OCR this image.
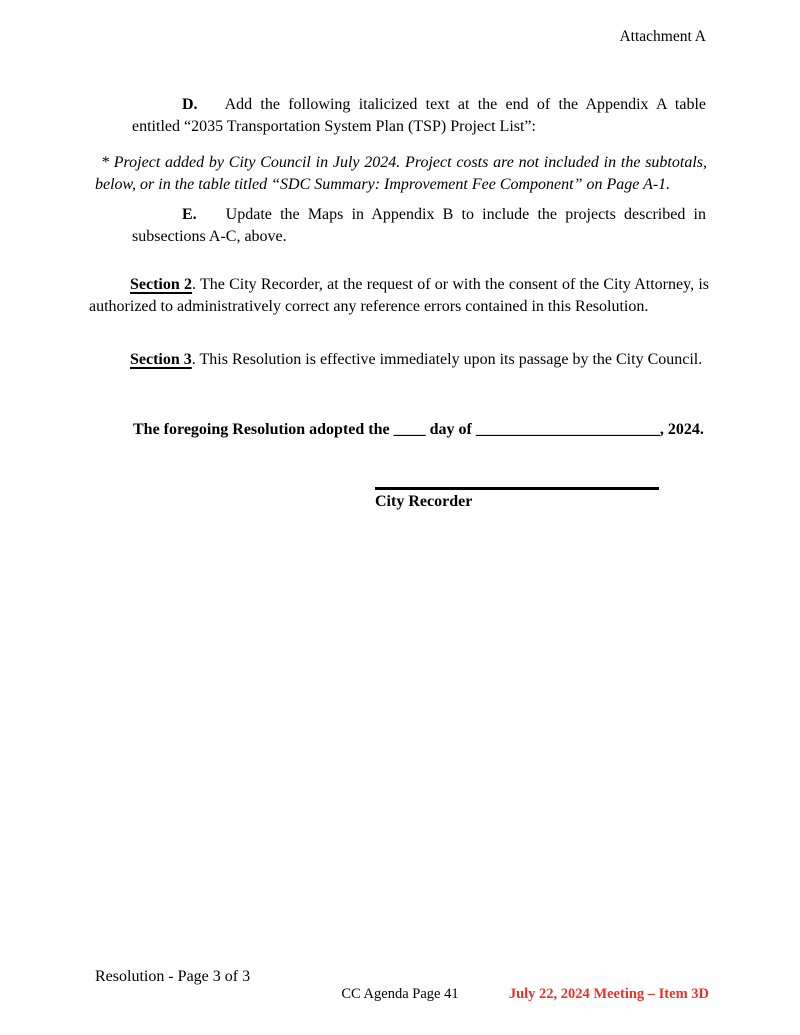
Attachment A

D. Add the following italicized text at the end of the Appendix A table entitled “2035 Transportation System Plan (TSP) Project List”:

* Project added by City Council in July 2024. Project costs are not included in the subtotals, below, or in the table titled “SDC Summary: Improvement Fee Component” on Page A-1.

E. Update the Maps in Appendix B to include the projects described in subsections A-C, above.

Section 2. The City Recorder, at the request of or with the consent of the City Attorney, is authorized to administratively correct any reference errors contained in this Resolution.

Section 3. This Resolution is effective immediately upon its passage by the City Council.

The foregoing Resolution adopted the ____ day of _______________________, 2024.

City Recorder
Resolution - Page 3 of 3
CC Agenda Page 41	July 22, 2024 Meeting – Item 3D
